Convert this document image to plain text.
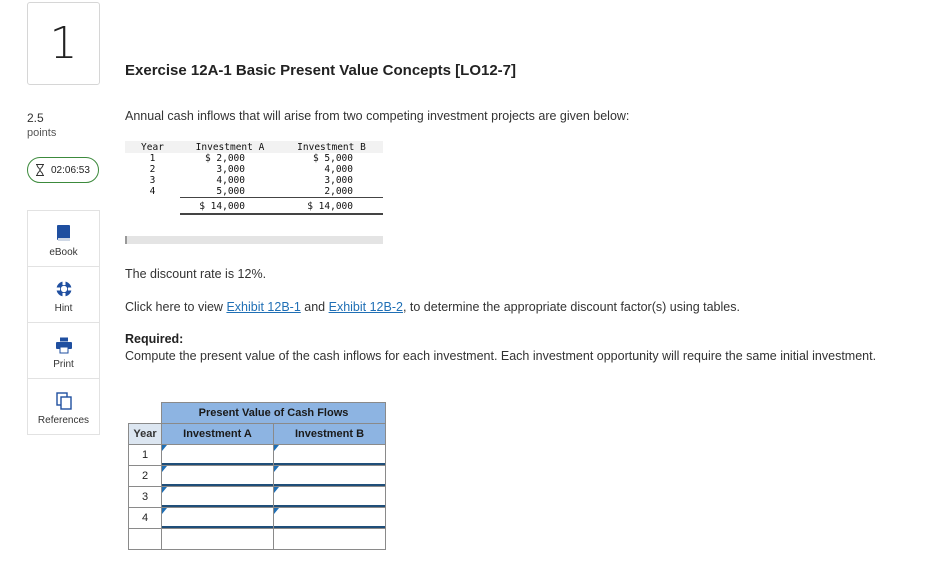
1
2.5
points
02:06:53
eBook
Hint
Print
References
Exercise 12A-1 Basic Present Value Concepts [LO12-7]
Annual cash inflows that will arise from two competing investment projects are given below:
Year	Investment A	Investment B
1	$ 2,000	$ 5,000
2	3,000	4,000
3	4,000	3,000
4	5,000	2,000
	$ 14,000	$ 14,000
The discount rate is 12%.
Click here to view Exhibit 12B-1 and Exhibit 12B-2, to determine the appropriate discount factor(s) using tables.
Required:
Compute the present value of the cash inflows for each investment. Each investment opportunity will require the same initial investment.
	Present Value of Cash Flows	
Year	Investment A	Investment B
1		
2		
3		
4		
